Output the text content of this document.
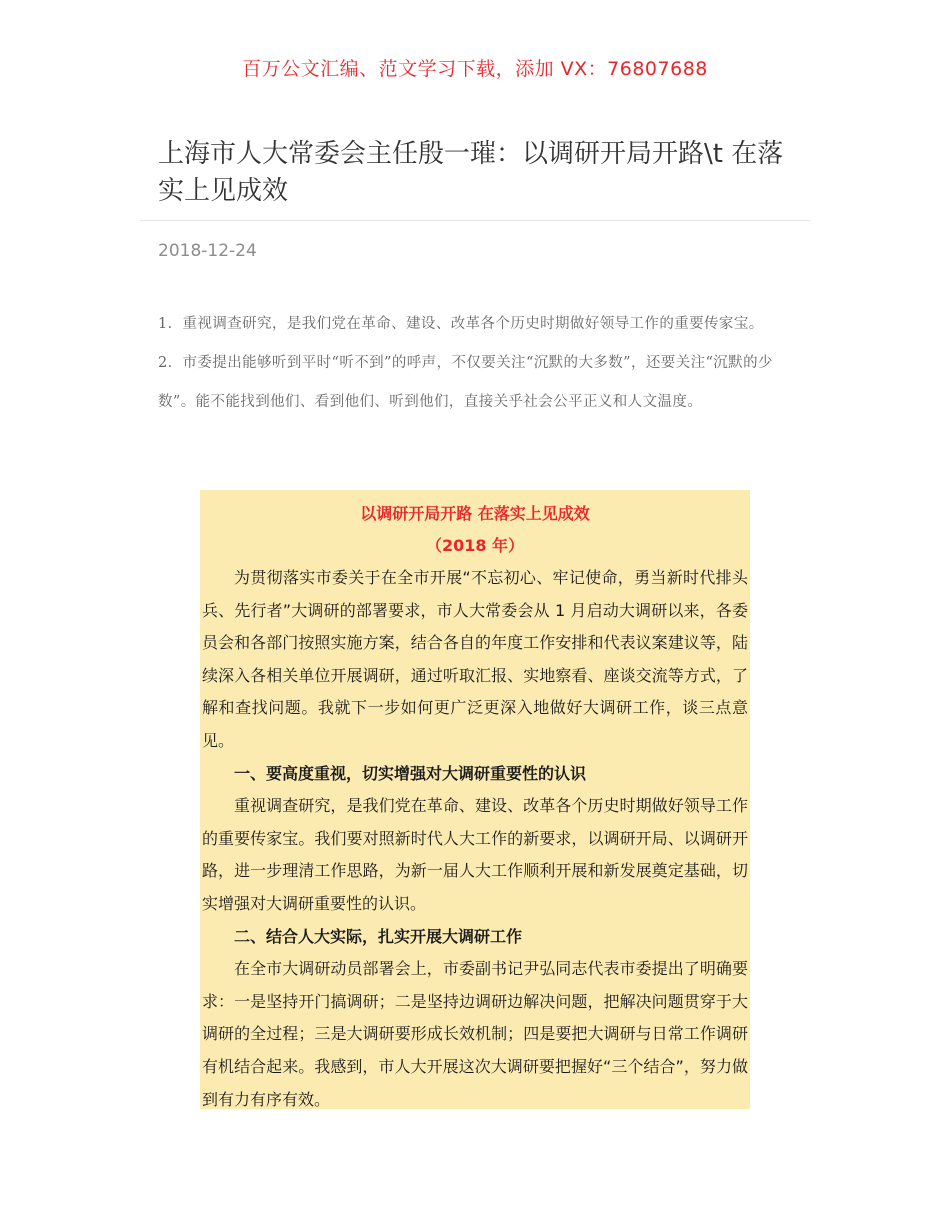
百万公文汇编、范文学习下载，添加 VX：76807688
上海市人大常委会主任殷一璀：以调研开局开路\t 在落实上见成效
2018-12-24

1．重视调查研究，是我们党在革命、建设、改革各个历史时期做好领导工作的重要传家宝。

2．市委提出能够听到平时“听不到”的呼声，不仅要关注“沉默的大多数”，还要关注“沉默的少数”。能不能找到他们、看到他们、听到他们，直接关乎社会公平正义和人文温度。

以调研开局开路 在落实上见成效

（2018 年）

为贯彻落实市委关于在全市开展“不忘初心、牢记使命，勇当新时代排头兵、先行者”大调研的部署要求，市人大常委会从 1 月启动大调研以来，各委员会和各部门按照实施方案，结合各自的年度工作安排和代表议案建议等，陆续深入各相关单位开展调研，通过听取汇报、实地察看、座谈交流等方式，了解和查找问题。我就下一步如何更广泛更深入地做好大调研工作，谈三点意见。

一、要高度重视，切实增强对大调研重要性的认识

重视调查研究，是我们党在革命、建设、改革各个历史时期做好领导工作的重要传家宝。我们要对照新时代人大工作的新要求，以调研开局、以调研开路，进一步理清工作思路，为新一届人大工作顺利开展和新发展奠定基础，切实增强对大调研重要性的认识。

二、结合人大实际，扎实开展大调研工作

在全市大调研动员部署会上，市委副书记尹弘同志代表市委提出了明确要求：一是坚持开门搞调研；二是坚持边调研边解决问题，把解决问题贯穿于大调研的全过程；三是大调研要形成长效机制；四是要把大调研与日常工作调研有机结合起来。我感到，市人大开展这次大调研要把握好“三个结合”，努力做到有力有序有效。
